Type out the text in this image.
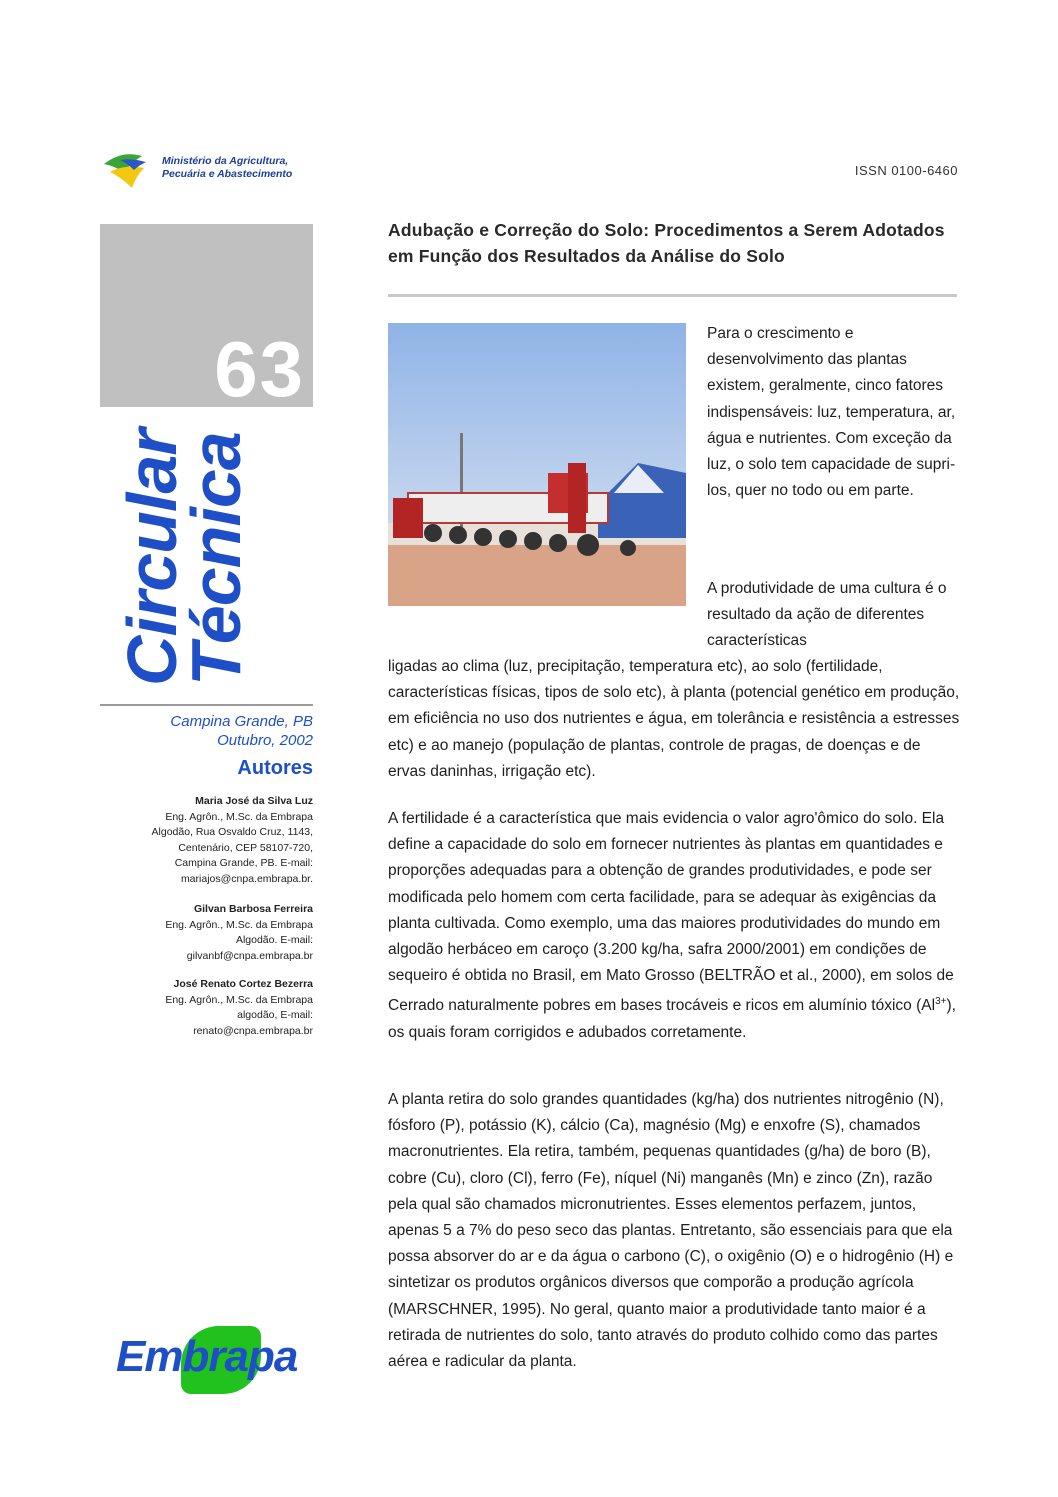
Ministério da Agricultura,
Pecuária e Abastecimento	ISSN 0100-6460
63
Circular
Técnica
Campina Grande, PB
Outubro, 2002
Autores
Maria José da Silva Luz
Eng. Agrôn., M.Sc. da Embrapa
Algodão, Rua Osvaldo Cruz, 1143,
Centenário, CEP 58107-720,
Campina Grande, PB. E-mail:
mariajos@cnpa.embrapa.br.
Gilvan Barbosa Ferreira
Eng. Agrôn., M.Sc. da Embrapa
Algodão. E-mail:
gilvanbf@cnpa.embrapa.br
José Renato Cortez Bezerra
Eng. Agrôn., M.Sc. da Embrapa
algodão, E-mail:
renato@cnpa.embrapa.br
Embrapa
Adubação e Correção do Solo: Procedimentos a Serem Adotados em Função dos Resultados da Análise do Solo
Para o crescimento e desenvolvimento das plantas existem, geralmente, cinco fatores indispensáveis: luz, temperatura, ar, água e nutrientes. Com exceção da luz, o solo tem capacidade de supri-los, quer no todo ou em parte.
A produtividade de uma cultura é o resultado da ação de diferentes características
ligadas ao clima (luz, precipitação, temperatura etc), ao solo (fertilidade, características físicas, tipos de solo etc), à planta (potencial genético em produção, em eficiência no uso dos nutrientes e água, em tolerância e resistência a estresses etc) e ao manejo (população de plantas, controle de pragas, de doenças e de ervas daninhas, irrigação etc).
A fertilidade é a característica que mais evidencia o valor agro'ômico do solo. Ela define a capacidade do solo em fornecer nutrientes às plantas em quantidades e proporções adequadas para a obtenção de grandes produtividades, e pode ser modificada pelo homem com certa facilidade, para se adequar às exigências da planta cultivada. Como exemplo, uma das maiores produtividades do mundo em algodão herbáceo em caroço (3.200 kg/ha, safra 2000/2001) em condições de sequeiro é obtida no Brasil, em Mato Grosso (BELTRÃO et al., 2000), em solos de Cerrado naturalmente pobres em bases trocáveis e ricos em alumínio tóxico $(Al^{3+})$, os quais foram corrigidos e adubados corretamente.
A planta retira do solo grandes quantidades (kg/ha) dos nutrientes nitrogênio (N), fósforo (P), potássio (K), cálcio (Ca), magnésio (Mg) e enxofre (S), chamados macronutrientes. Ela retira, também, pequenas quantidades (g/ha) de boro (B), cobre (Cu), cloro (Cl), ferro (Fe), níquel (Ni) manganês (Mn) e zinco (Zn), razão pela qual são chamados micronutrientes. Esses elementos perfazem, juntos, apenas 5 a 7% do peso seco das plantas. Entretanto, são essenciais para que ela possa absorver do ar e da água o carbono (C), o oxigênio (O) e o hidrogênio (H) e sintetizar os produtos orgânicos diversos que comporão a produção agrícola (MARSCHNER, 1995). No geral, quanto maior a produtividade tanto maior é a retirada de nutrientes do solo, tanto através do produto colhido como das partes aérea e radicular da planta.
